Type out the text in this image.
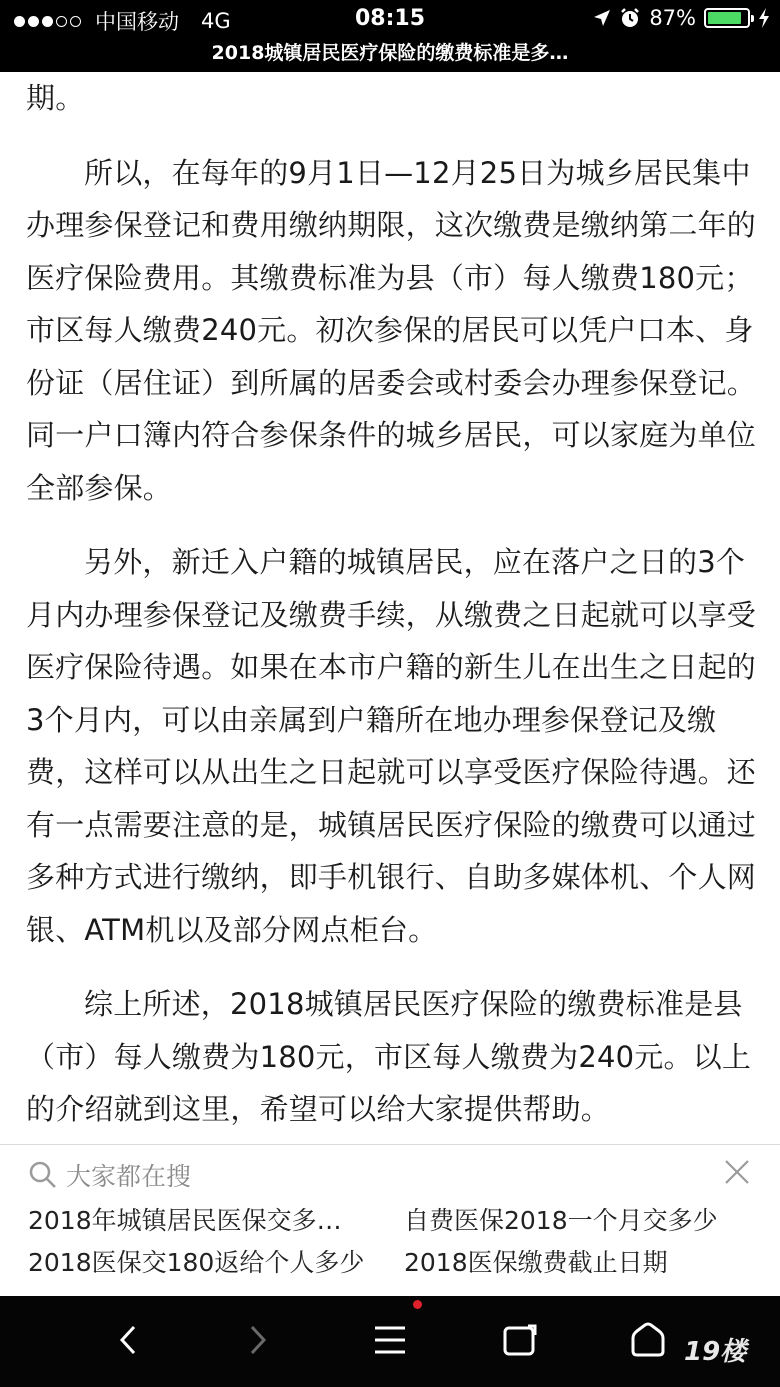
中国移动 4G	08:15	87%
2018城镇居民医疗保险的缴费标准是多…

期。

所以，在每年的9月1日—12月25日为城乡居民集中办理参保登记和费用缴纳期限，这次缴费是缴纳第二年的医疗保险费用。其缴费标准为县（市）每人缴费180元；市区每人缴费240元。初次参保的居民可以凭户口本、身份证（居住证）到所属的居委会或村委会办理参保登记。同一户口簿内符合参保条件的城乡居民，可以家庭为单位全部参保。

另外，新迁入户籍的城镇居民，应在落户之日的3个月内办理参保登记及缴费手续，从缴费之日起就可以享受医疗保险待遇。如果在本市户籍的新生儿在出生之日起的3个月内，可以由亲属到户籍所在地办理参保登记及缴费，这样可以从出生之日起就可以享受医疗保险待遇。还有一点需要注意的是，城镇居民医疗保险的缴费可以通过多种方式进行缴纳，即手机银行、自助多媒体机、个人网银、ATM机以及部分网点柜台。

综上所述，2018城镇居民医疗保险的缴费标准是县（市）每人缴费为180元，市区每人缴费为240元。以上的介绍就到这里，希望可以给大家提供帮助。

大家都在搜
2018年城镇居民医保交多… 自费医保2018一个月交多少
2018医保交180返给个人多少 2018医保缴费截止日期
19楼
